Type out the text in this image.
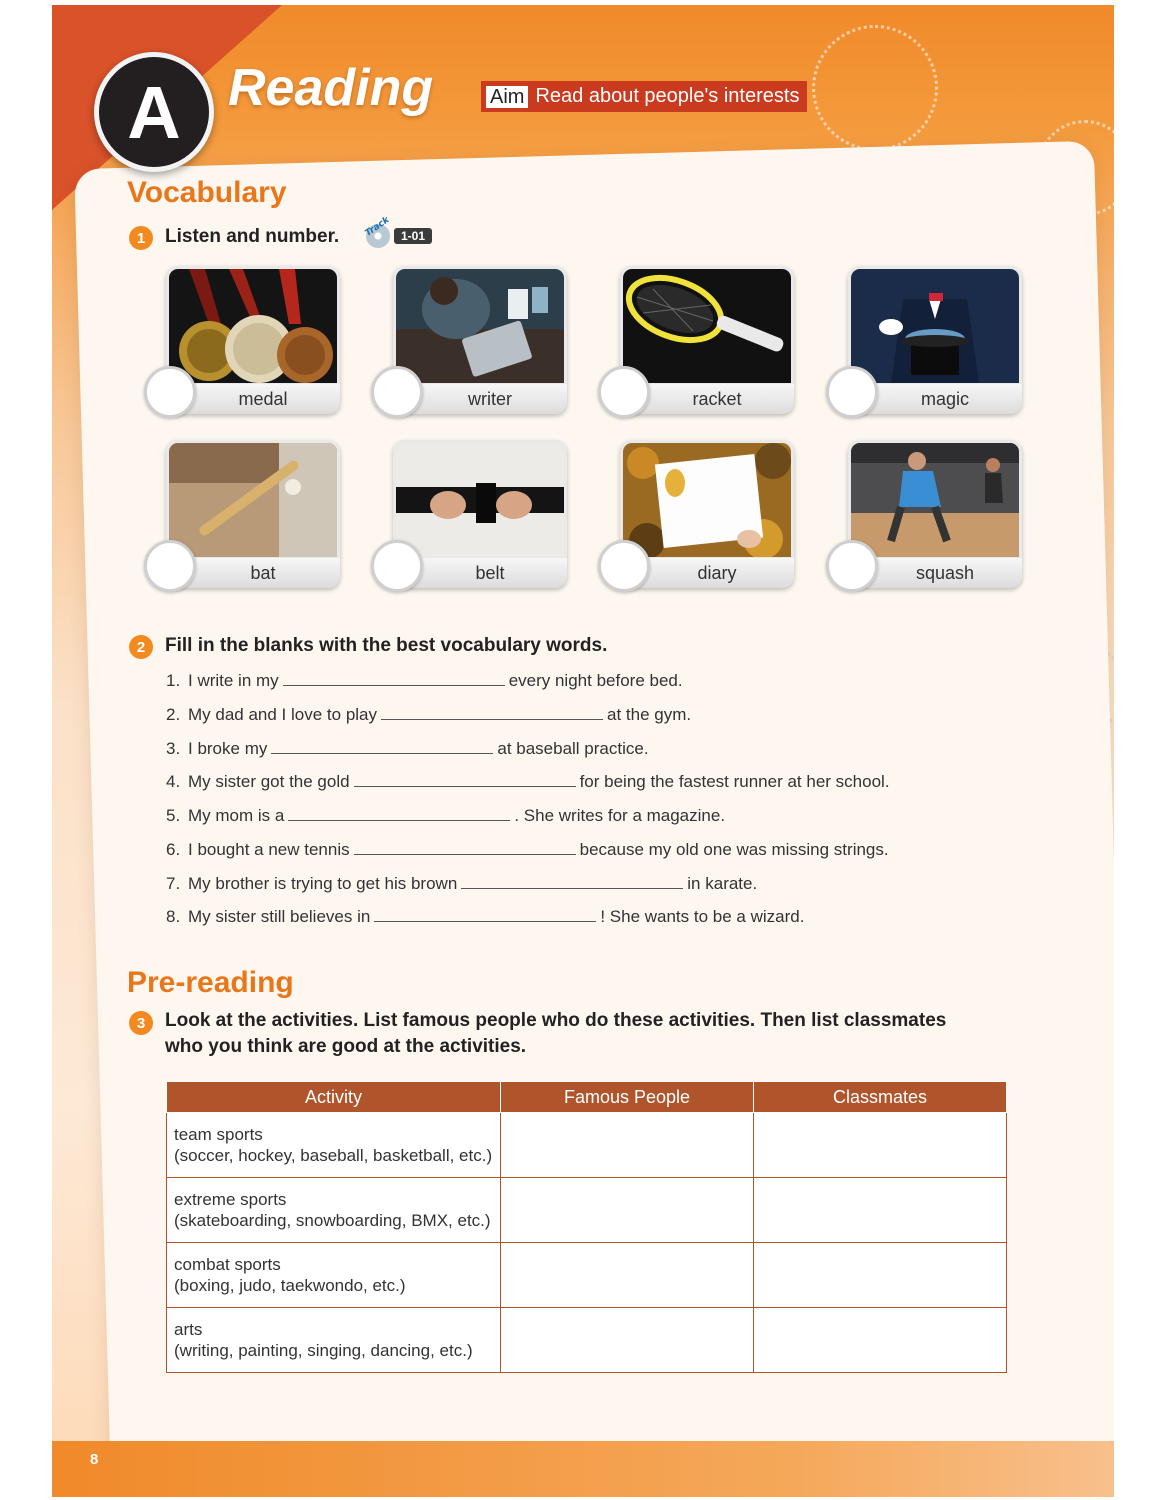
A Reading	Aim Read about people's interests
Vocabulary
1	Listen and number.	Track 1-01
medal	writer	racket	magic
bat	belt	diary	squash
2	Fill in the blanks with the best vocabulary words.
1. I write in my	every night before bed.
2. My dad and I love to play	at the gym.
3. I broke my	at baseball practice.
4. My sister got the gold	for being the fastest runner at her school.
5. My mom is a	. She writes for a magazine.
6. I bought a new tennis	because my old one was missing strings.
7. My brother is trying to get his brown	in karate.
8. My sister still believes in	! She wants to be a wizard.
Pre-reading
3	Look at the activities. List famous people who do these activities. Then list classmates
who you think are good at the activities.
Activity	Famous People	Classmates

team sports
(soccer, hockey, baseball, basketball, etc.)		

extreme sports
(skateboarding, snowboarding, BMX, etc.)		

combat sports
(boxing, judo, taekwondo, etc.)		

arts
(writing, painting, singing, dancing, etc.)		

8
